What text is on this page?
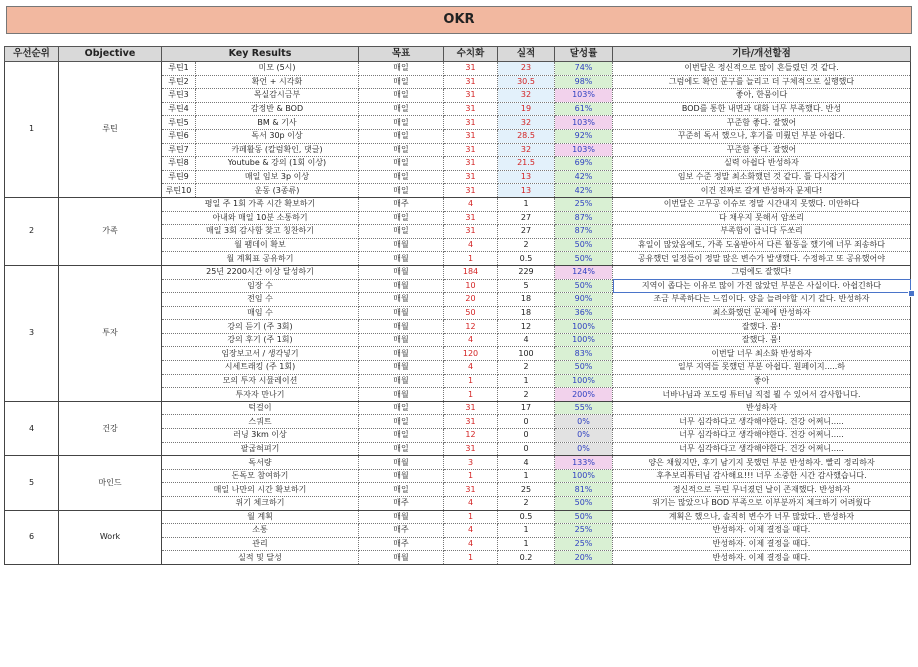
OKR
우선순위	Objective	Key Results		목표	수치화	실적	달성률	기타/개선할점
1	루틴	루틴1	미모 (5시)	매일	31	23	74%	이번달은 정신적으로 많이 흔들렸던 것 같다.
		루틴2	확언 + 시각화	매일	31	30.5	98%	그럼에도 확언 문구를 늘리고 더 구체적으로 실행했다
		루틴3	목실감시금부	매일	31	32	103%	좋아, 한뭄이다
		루틴4	감정반 & BOD	매일	31	19	61%	BOD를 통한 내면과 대화 너무 부족했다. 반성
		루틴5	BM & 기사	매일	31	32	103%	꾸준함 좋다. 잘했어
		루틴6	독서 30p 이상	매일	31	28.5	92%	꾸준히 독서 했으나, 후기를 미뤘던 부분 아쉽다.
		루틴7	카페활동 (칼럼확인, 댓글)	매일	31	32	103%	꾸준함 좋다. 잘했어
		루틴8	Youtube & 강의 (1회 이상)	매일	31	21.5	69%	실력 아쉽다 반성하자
		루틴9	매일 임보 3p 이상	매일	31	13	42%	임보 수준 정말 최소화했던 것 같다. 틀 다시잡기
		루틴10	운동 (3종류)	매일	31	13	42%	이건 진짜로 갈게 반성하자 문제다!
2	가족	평일 주 1회 가족 시간 확보하기		매주	4	1	25%	이번달은 고무공 이슈로 정말 시간내지 못했다. 미안하다
		아내와 매일 10분 소통하기		매일	31	27	87%	다 채우지 못해서 암쏘리
		매일 3회 감사함 찾고 칭찬하기		매일	31	27	87%	부족함이 큽니다 두쏘리
		월 팸데이 확보		매월	4	2	50%	휴일이 많았음에도, 가족 도움받아서 다른 활동을 했기에 너무 죄송하다
		월 계획표 공유하기		매월	1	0.5	50%	공유했던 일정들이 정말 많은 변수가 발생했다. 수정하고 또 공유했어야
3	투자	25년 2200시간 이상 달성하기		매월	184	229	124%	그럼에도 잘했다!
		임장 수		매월	10	5	50%	지역이 좁다는 이유로 많이 가진 않았던 부분은 사실이다. 아쉽긴하다
		전임 수		매월	20	18	90%	조금 부족하다는 느낌이다. 양을 늘려야할 시기 같다. 반성하자
		매임 수		매월	50	18	36%	최소화했던 문제에 반성하자
		강의 듣기 (주 3회)		매월	12	12	100%	잘했다. 뭄!
		강의 후기 (주 1회)		매월	4	4	100%	잘했다. 뭄!
		임장보고서 / 생각넣기		매월	120	100	83%	이번달 너무 최소화 반성하자
		시세트래킹 (주 1회)		매월	4	2	50%	일부 지역들 못했던 부분 아쉽다. 원페이지.....하
		모의 투자 시뮬레이션		매월	1	1	100%	좋아
		투자자 만나기		매월	1	2	200%	너바나님과 포도링 튜터님 직접 뵐 수 있어서 감사합니다.
4	건강	턱걸이		매일	31	17	55%	반성하자
		스쿼트		매일	31	0	0%	너무 심각하다고 생각해야한다. 건강 어쩌니.....
		러닝 3km 이상		매일	12	0	0%	너무 심각하다고 생각해야한다. 건강 어쩌니.....
		팔굽혀펴기		매일	31	0	0%	너무 심각하다고 생각해야한다. 건강 어쩌니.....
5	마인드	독서량		매월	3	4	133%	양은 채웠지만, 후기 남기지 못했던 부분 반성하자. 빨리 정리하자
		돈독모 참여하기		매월	1	1	100%	후추보리튜터님 감사해요!!! 너무 소중한 시간 감사했습니다.
		매일 나만의 시간 확보하기		매일	31	25	81%	정신적으로 루틴 무너졌던 날이 존재했다. 반성하자
		위기 체크하기		매주	4	2	50%	위기는 많았으나 BOD 부족으로 이부분까지 체크하기 어려웠다
6	Work	월 계획		매월	1	0.5	50%	계획은 했으나, 솔직히 변수가 너무 많았다.. 반성하자
		소통		매주	4	1	25%	반성하자. 이제 결정을 때다.
		관리		매주	4	1	25%	반성하자. 이제 결정을 때다.
		실적 및 달성		매월	1	0.2	20%	반성하자. 이제 결정을 때다.
